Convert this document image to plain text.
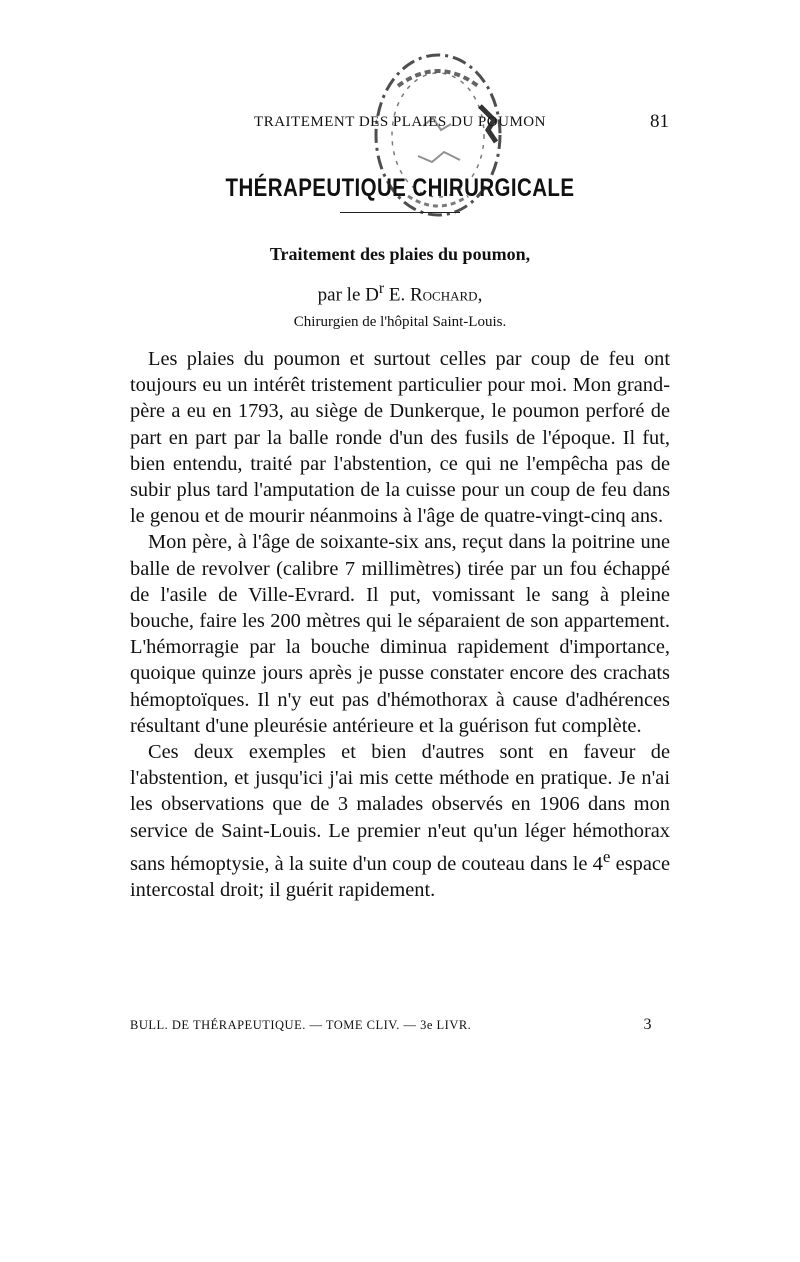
TRAITEMENT DES PLAIES DU POUMON	81
THÉRAPEUTIQUE CHIRURGICALE
Traitement des plaies du poumon,
par le $D^r$ E. Rochard,
Chirurgien de l'hôpital Saint-Louis.

Les plaies du poumon et surtout celles par coup de feu ont toujours eu un intérêt tristement particulier pour moi. Mon grand-père a eu en 1793, au siège de Dunkerque, le poumon perforé de part en part par la balle ronde d'un des fusils de l'époque. Il fut, bien entendu, traité par l'abstention, ce qui ne l'empêcha pas de subir plus tard l'amputation de la cuisse pour un coup de feu dans le genou et de mourir néanmoins à l'âge de quatre-vingt-cinq ans.

Mon père, à l'âge de soixante-six ans, reçut dans la poitrine une balle de revolver (calibre 7 millimètres) tirée par un fou échappé de l'asile de Ville-Evrard. Il put, vomissant le sang à pleine bouche, faire les 200 mètres qui le séparaient de son appartement. L'hémorragie par la bouche diminua rapidement d'importance, quoique quinze jours après je pusse constater encore des crachats hémoptoïques. Il n'y eut pas d'hémothorax à cause d'adhérences résultant d'une pleurésie antérieure et la guérison fut complète.

Ces deux exemples et bien d'autres sont en faveur de l'abstention, et jusqu'ici j'ai mis cette méthode en pratique. Je n'ai les observations que de 3 malades observés en 1906 dans mon service de Saint-Louis. Le premier n'eut qu'un léger hémothorax sans hémoptysie, à la suite d'un coup de couteau dans le 4e espace intercostal droit; il guérit rapidement.

BULL. DE THÉRAPEUTIQUE. — TOME CLIV. — 3e LIVR.	3
